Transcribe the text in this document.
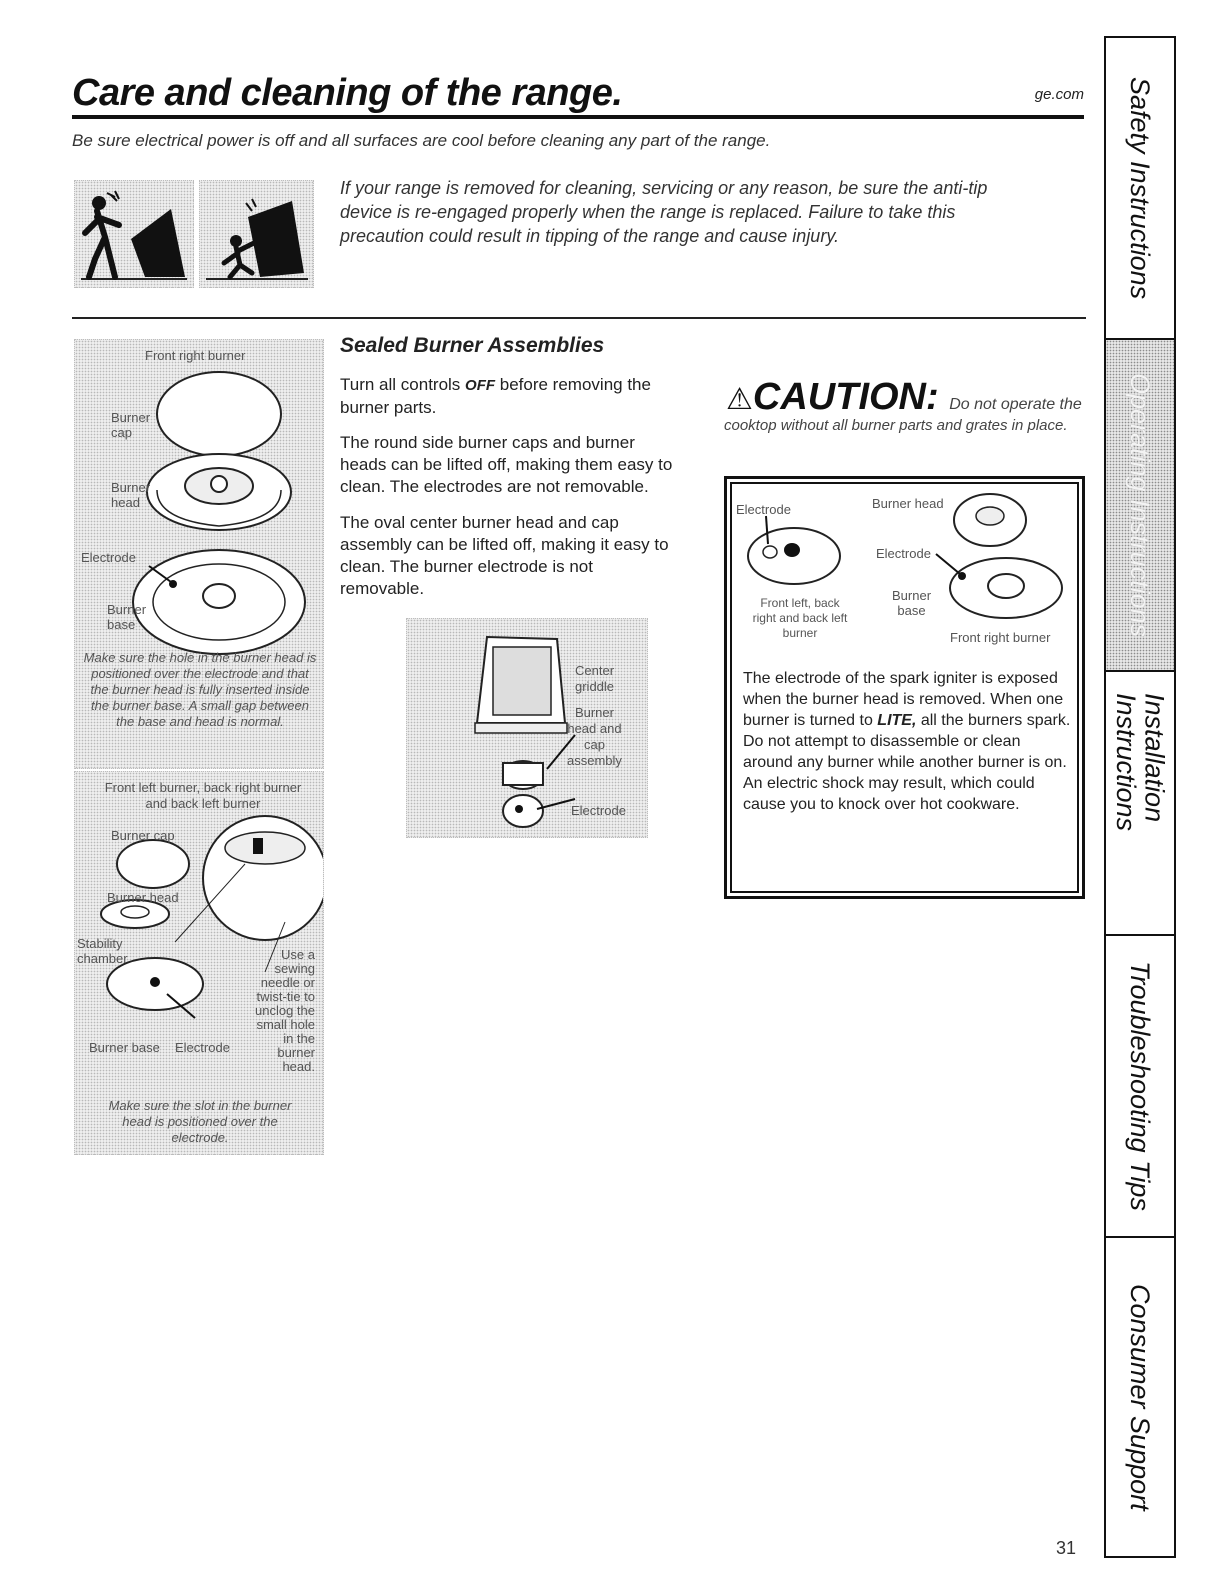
Care and cleaning of the range.	ge.com
Be sure electrical power is off and all surfaces are cool before cleaning any part of the range.
If your range is removed for cleaning, servicing or any reason, be sure the anti-tip device is re-engaged properly when the range is replaced. Failure to take this precaution could result in tipping of the range and cause injury.
Front right burner
Burner
cap
Burner
head
Electrode
Burner
base
Make sure the hole in the burner head is positioned over the electrode and that the burner head is fully inserted inside the burner base. A small gap between the base and head is normal.
Front left burner, back right burner
and back left burner
Burner cap
Burner head
Stability
chamber	Use a
sewing
needle or
twist-tie to
unclog the
small hole
in the
burner
head.
Burner base Electrode
Make sure the slot in the burner head is positioned over the electrode.
Sealed Burner Assemblies
Turn all controls OFF before removing the burner parts.
The round side burner caps and burner heads can be lifted off, making them easy to clean. The electrodes are not removable.
The oval center burner head and cap assembly can be lifted off, making it easy to clean. The burner electrode is not removable.
Center
griddle
Burner
head and
cap
assembly
Electrode
⚠CAUTION: Do not operate the
cooktop without all burner parts and grates in place.
Electrode	Burner head
Electrode
Burner
base
Front left, back
right and back left
burner	Front right burner
The electrode of the spark igniter is exposed when the burner head is removed. When one burner is turned to LITE, all the burners spark. Do not attempt to disassemble or clean around any burner while another burner is on. An electric shock may result, which could cause you to knock over hot cookware.
Safety Instructions
Operating Instructions
Installation Instructions
Troubleshooting Tips
Consumer Support
31
